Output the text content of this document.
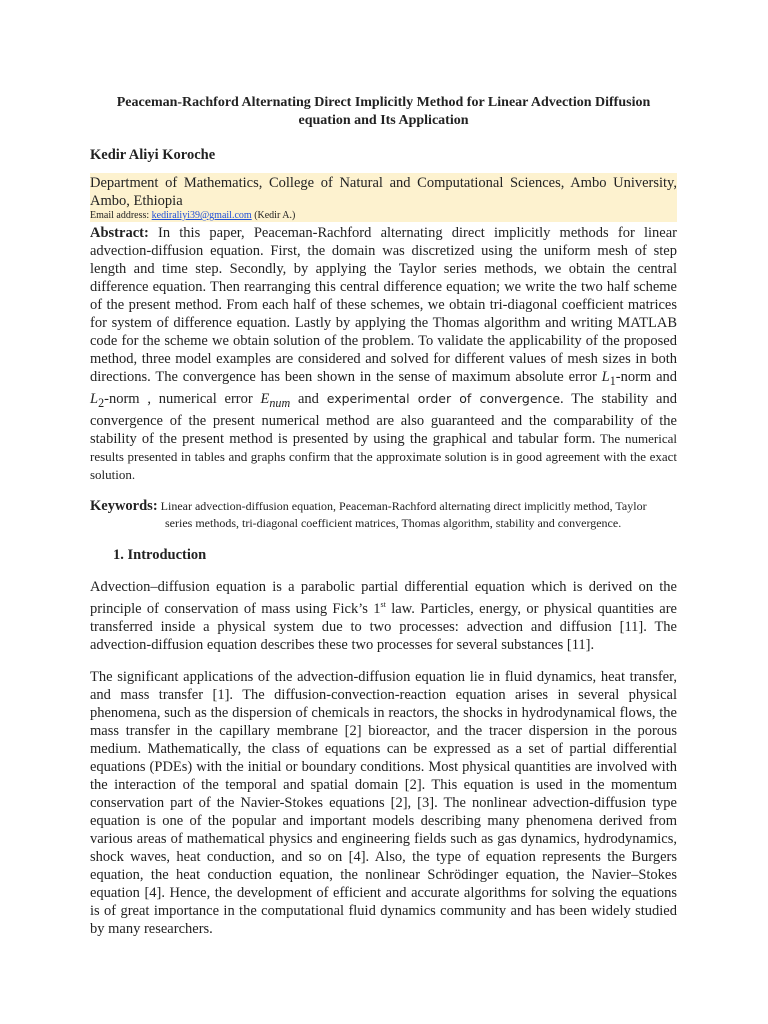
Peaceman-Rachford Alternating Direct Implicitly Method for Linear Advection Diffusion
equation and Its Application

Kedir Aliyi Koroche
Department of Mathematics, College of Natural and Computational Sciences, Ambo University, Ambo, Ethiopia
Email address: kediraliyi39@gmail.com (Kedir A.)
Abstract: In this paper, Peaceman-Rachford alternating direct implicitly methods for linear advection-diffusion equation. First, the domain was discretized using the uniform mesh of step length and time step. Secondly, by applying the Taylor series methods, we obtain the central difference equation. Then rearranging this central difference equation; we write the two half scheme of the present method. From each half of these schemes, we obtain tri-diagonal coefficient matrices for system of difference equation. Lastly by applying the Thomas algorithm and writing MATLAB code for the scheme we obtain solution of the problem. To validate the applicability of the proposed method, three model examples are considered and solved for different values of mesh sizes in both directions. The convergence has been shown in the sense of maximum absolute error $L_1$-norm and $L_2$-norm , numerical error $E_{num}$ and experimental order of convergence. The stability and convergence of the present numerical method are also guaranteed and the comparability of the stability of the present method is presented by using the graphical and tabular form. The numerical results presented in tables and graphs confirm that the approximate solution is in good agreement with the exact solution.
Keywords: Linear advection-diffusion equation, Peaceman-Rachford alternating direct implicitly method, Taylor
series methods, tri-diagonal coefficient matrices, Thomas algorithm, stability and convergence.
1. Introduction
Advection–diffusion equation is a parabolic partial differential equation which is derived on the principle of conservation of mass using Fick’s 1st law. Particles, energy, or physical quantities are transferred inside a physical system due to two processes: advection and diffusion [11]. The advection-diffusion equation describes these two processes for several substances [11].
The significant applications of the advection-diffusion equation lie in fluid dynamics, heat transfer, and mass transfer [1]. The diffusion-convection-reaction equation arises in several physical phenomena, such as the dispersion of chemicals in reactors, the shocks in hydrodynamical flows, the mass transfer in the capillary membrane [2] bioreactor, and the tracer dispersion in the porous medium. Mathematically, the class of equations can be expressed as a set of partial differential equations (PDEs) with the initial or boundary conditions. Most physical quantities are involved with the interaction of the temporal and spatial domain [2]. This equation is used in the momentum conservation part of the Navier-Stokes equations [2], [3]. The nonlinear advection-diffusion type equation is one of the popular and important models describing many phenomena derived from various areas of mathematical physics and engineering fields such as gas dynamics, hydrodynamics, shock waves, heat conduction, and so on [4]. Also, the type of equation represents the Burgers equation, the heat conduction equation, the nonlinear Schrödinger equation, the Navier–Stokes equation [4]. Hence, the development of efficient and accurate algorithms for solving the equations is of great importance in the computational fluid dynamics community and has been widely studied by many researchers.
